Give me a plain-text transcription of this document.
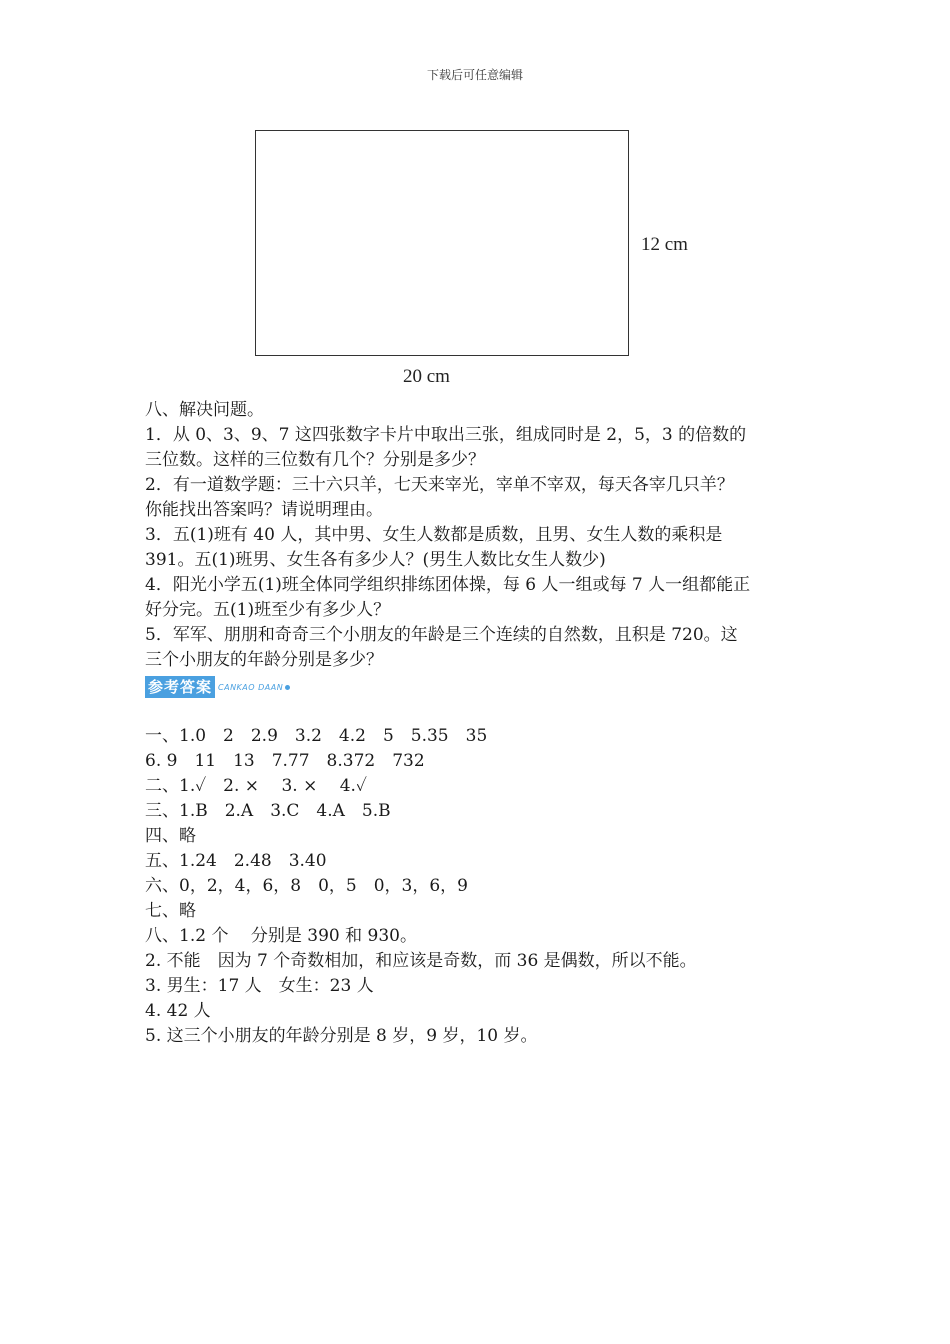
下载后可任意编辑
12 cm
20 cm
八、解决问题。
1．从 0、3、9、7 这四张数字卡片中取出三张，组成同时是 2，5，3 的倍数的
三位数。这样的三位数有几个？分别是多少？
2．有一道数学题：三十六只羊，七天来宰光，宰单不宰双，每天各宰几只羊？
你能找出答案吗？请说明理由。
3．五(1)班有 40 人，其中男、女生人数都是质数，且男、女生人数的乘积是
391。五(1)班男、女生各有多少人？(男生人数比女生人数少)
4．阳光小学五(1)班全体同学组织排练团体操，每 6 人一组或每 7 人一组都能正
好分完。五(1)班至少有多少人？
5．军军、朋朋和奇奇三个小朋友的年龄是三个连续的自然数，且积是 720。这
三个小朋友的年龄分别是多少？
参考答案 CANKAO DAAN
一、1.0　2　2.9　3.2　4.2　5　5.35　35
6. 9　11　13　7.77　8.372　732
二、1.✓　2. ×　 3. ×　 4.✓
三、1.B　2.A　3.C　4.A　5.B
四、略
五、1.24　2.48　3.40
六、0，2，4，6，8　0，5　0，3，6，9
七、略
八、1.2 个　 分别是 390 和 930。
2. 不能　因为 7 个奇数相加，和应该是奇数，而 36 是偶数，所以不能。
3. 男生：17 人　女生：23 人
4. 42 人
5. 这三个小朋友的年龄分别是 8 岁，9 岁，10 岁。
